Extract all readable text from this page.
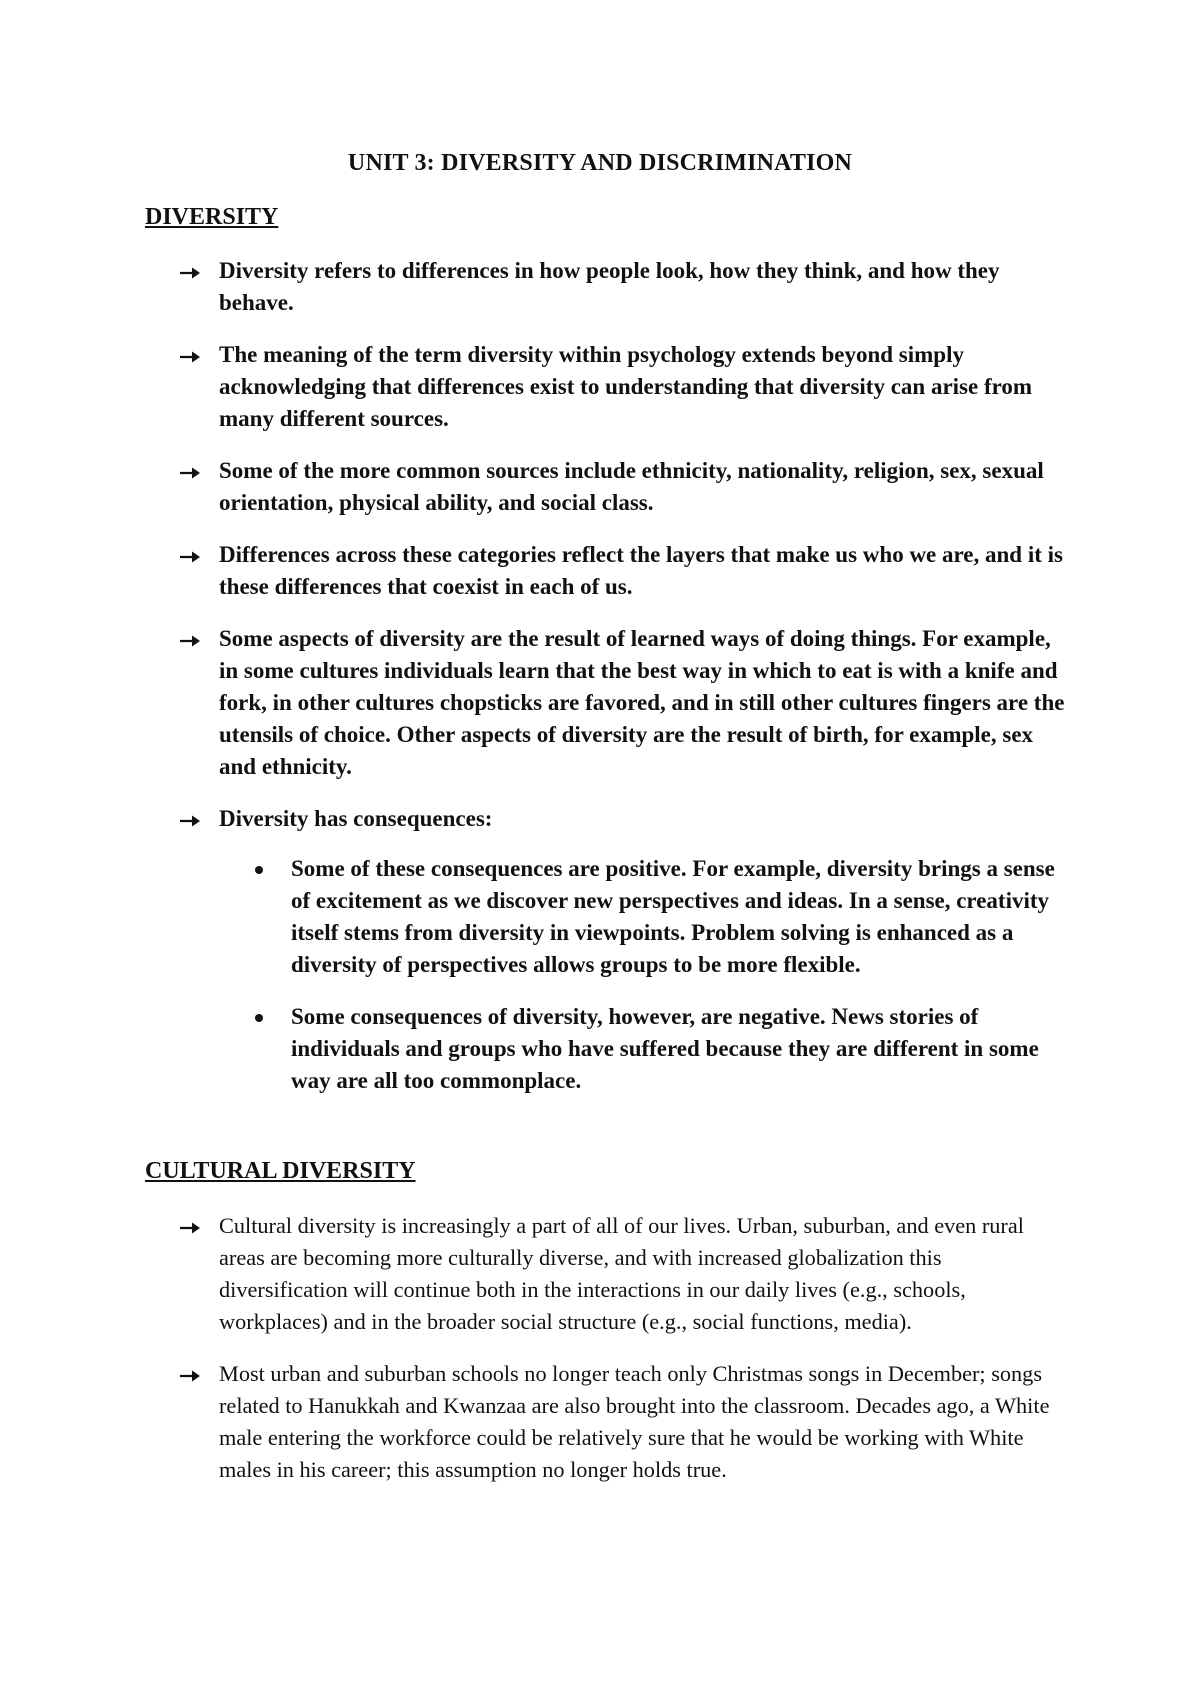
UNIT 3: DIVERSITY AND DISCRIMINATION
DIVERSITY
Diversity refers to differences in how people look, how they think, and how they behave.
The meaning of the term diversity within psychology extends beyond simply acknowledging that differences exist to understanding that diversity can arise from many different sources.
Some of the more common sources include ethnicity, nationality, religion, sex, sexual orientation, physical ability, and social class.
Differences across these categories reflect the layers that make us who we are, and it is these differences that coexist in each of us.
Some aspects of diversity are the result of learned ways of doing things. For example, in some cultures individuals learn that the best way in which to eat is with a knife and fork, in other cultures chopsticks are favored, and in still other cultures fingers are the utensils of choice. Other aspects of diversity are the result of birth, for example, sex and ethnicity.
Diversity has consequences:
Some of these consequences are positive. For example, diversity brings a sense of excitement as we discover new perspectives and ideas. In a sense, creativity itself stems from diversity in viewpoints. Problem solving is enhanced as a diversity of perspectives allows groups to be more flexible.
Some consequences of diversity, however, are negative. News stories of individuals and groups who have suffered because they are different in some way are all too commonplace.
CULTURAL DIVERSITY
Cultural diversity is increasingly a part of all of our lives. Urban, suburban, and even rural areas are becoming more culturally diverse, and with increased globalization this diversification will continue both in the interactions in our daily lives (e.g., schools, workplaces) and in the broader social structure (e.g., social functions, media).
Most urban and suburban schools no longer teach only Christmas songs in December; songs related to Hanukkah and Kwanzaa are also brought into the classroom. Decades ago, a White male entering the workforce could be relatively sure that he would be working with White males in his career; this assumption no longer holds true.
